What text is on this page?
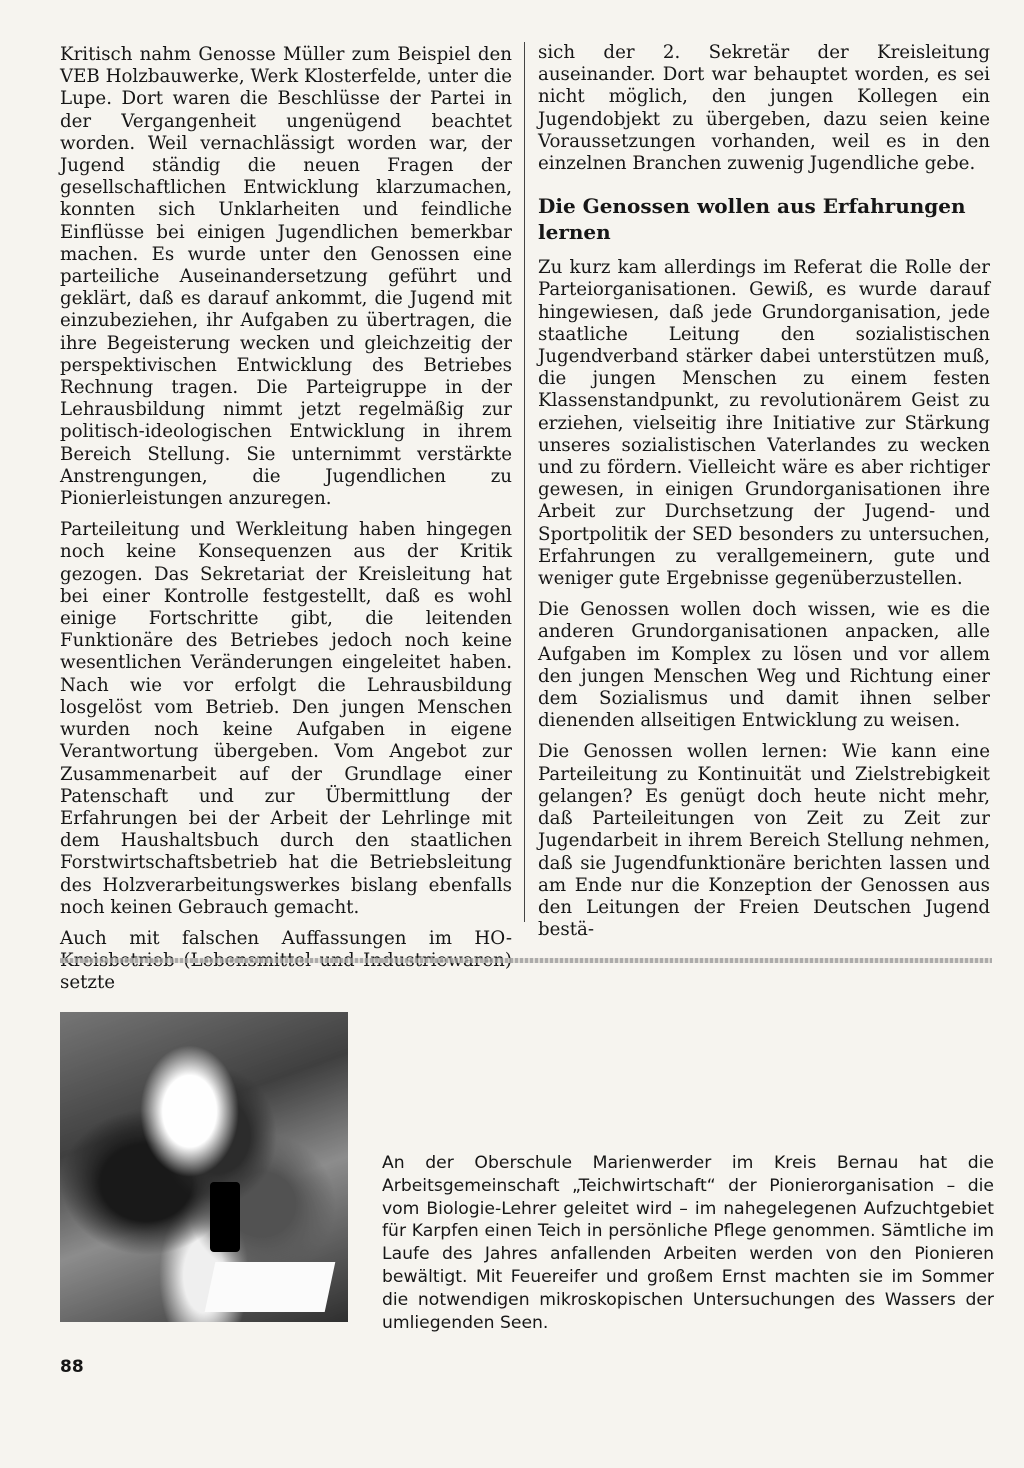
Kritisch nahm Genosse Müller zum Beispiel den VEB Holzbauwerke, Werk Klosterfelde, unter die Lupe. Dort waren die Beschlüsse der Partei in der Vergangenheit ungenügend beachtet worden. Weil vernachlässigt worden war, der Jugend ständig die neuen Fragen der gesellschaftlichen Entwicklung klarzumachen, konnten sich Unklarheiten und feindliche Einflüsse bei einigen Jugendlichen bemerkbar machen. Es wurde unter den Genossen eine parteiliche Auseinandersetzung geführt und geklärt, daß es darauf ankommt, die Jugend mit einzubeziehen, ihr Aufgaben zu übertragen, die ihre Begeisterung wecken und gleichzeitig der perspektivischen Entwicklung des Betriebes Rechnung tragen. Die Parteigruppe in der Lehrausbildung nimmt jetzt regelmäßig zur politisch-ideologischen Entwicklung in ihrem Bereich Stellung. Sie unternimmt verstärkte Anstrengungen, die Jugendlichen zu Pionierleistungen anzuregen.

Parteileitung und Werkleitung haben hingegen noch keine Konsequenzen aus der Kritik gezogen. Das Sekretariat der Kreisleitung hat bei einer Kontrolle festgestellt, daß es wohl einige Fortschritte gibt, die leitenden Funktionäre des Betriebes jedoch noch keine wesentlichen Veränderungen eingeleitet haben. Nach wie vor erfolgt die Lehrausbildung losgelöst vom Betrieb. Den jungen Menschen wurden noch keine Aufgaben in eigene Verantwortung übergeben. Vom Angebot zur Zusammenarbeit auf der Grundlage einer Patenschaft und zur Übermittlung der Erfahrungen bei der Arbeit der Lehrlinge mit dem Haushaltsbuch durch den staatlichen Forstwirtschaftsbetrieb hat die Betriebsleitung des Holzverarbeitungswerkes bislang ebenfalls noch keinen Gebrauch gemacht.

Auch mit falschen Auffassungen im HO- setzte

sich der 2. Sekretär der Kreisleitung auseinander. Dort war behauptet worden, es sei nicht möglich, den jungen Kollegen ein Jugendobjekt zu übergeben, dazu seien keine Voraussetzungen vorhanden, weil es in den einzelnen Branchen zuwenig Jugendliche gebe.

Die Genossen wollen aus Erfahrungen lernen

Zu kurz kam allerdings im Referat die Rolle der Parteiorganisationen. Gewiß, es wurde darauf hingewiesen, daß jede Grundorganisation, jede staatliche Leitung den sozialistischen Jugendverband stärker dabei unterstützen muß, die jungen Menschen zu einem festen Klassenstandpunkt, zu revolutionärem Geist zu erziehen, vielseitig ihre Initiative zur Stärkung unseres sozialistischen Vaterlandes zu wecken und zu fördern. Vielleicht wäre es aber richtiger gewesen, in einigen Grundorganisationen ihre Arbeit zur Durchsetzung der Jugend- und Sportpolitik der SED besonders zu untersuchen, Erfahrungen zu verallgemeinern, gute und weniger gute Ergebnisse gegenüberzustellen.

Die Genossen wollen doch wissen, wie es die anderen Grundorganisationen anpacken, alle Aufgaben im Komplex zu lösen und vor allem den jungen Menschen Weg und Richtung einer dem Sozialismus und damit ihnen selber dienenden allseitigen Entwicklung zu weisen.

Die Genossen wollen lernen: Wie kann eine Parteileitung zu Kontinuität und Zielstrebigkeit gelangen? Es genügt doch heute nicht mehr, daß Parteileitungen von Zeit zu Zeit zur Jugendarbeit in ihrem Bereich Stellung nehmen, daß sie Jugendfunktionäre berichten lassen und am Ende nur die Konzeption der Genossen aus den Leitungen der Freien Deutschen Jugend bestä-

An der Oberschule Marienwerder im Kreis Bernau hat die Arbeitsgemeinschaft „Teichwirtschaft“ der Pionierorganisation – die vom Biologie-Lehrer geleitet wird – im nahegelegenen Aufzuchtgebiet für Karpfen einen Teich in persönliche Pflege genommen. Sämtliche im Laufe des Jahres anfallenden Arbeiten werden von den Pionieren bewältigt. Mit Feuereifer und großem Ernst machten sie im Sommer die notwendigen mikroskopischen Untersuchungen des Wassers der umliegenden Seen.
88
